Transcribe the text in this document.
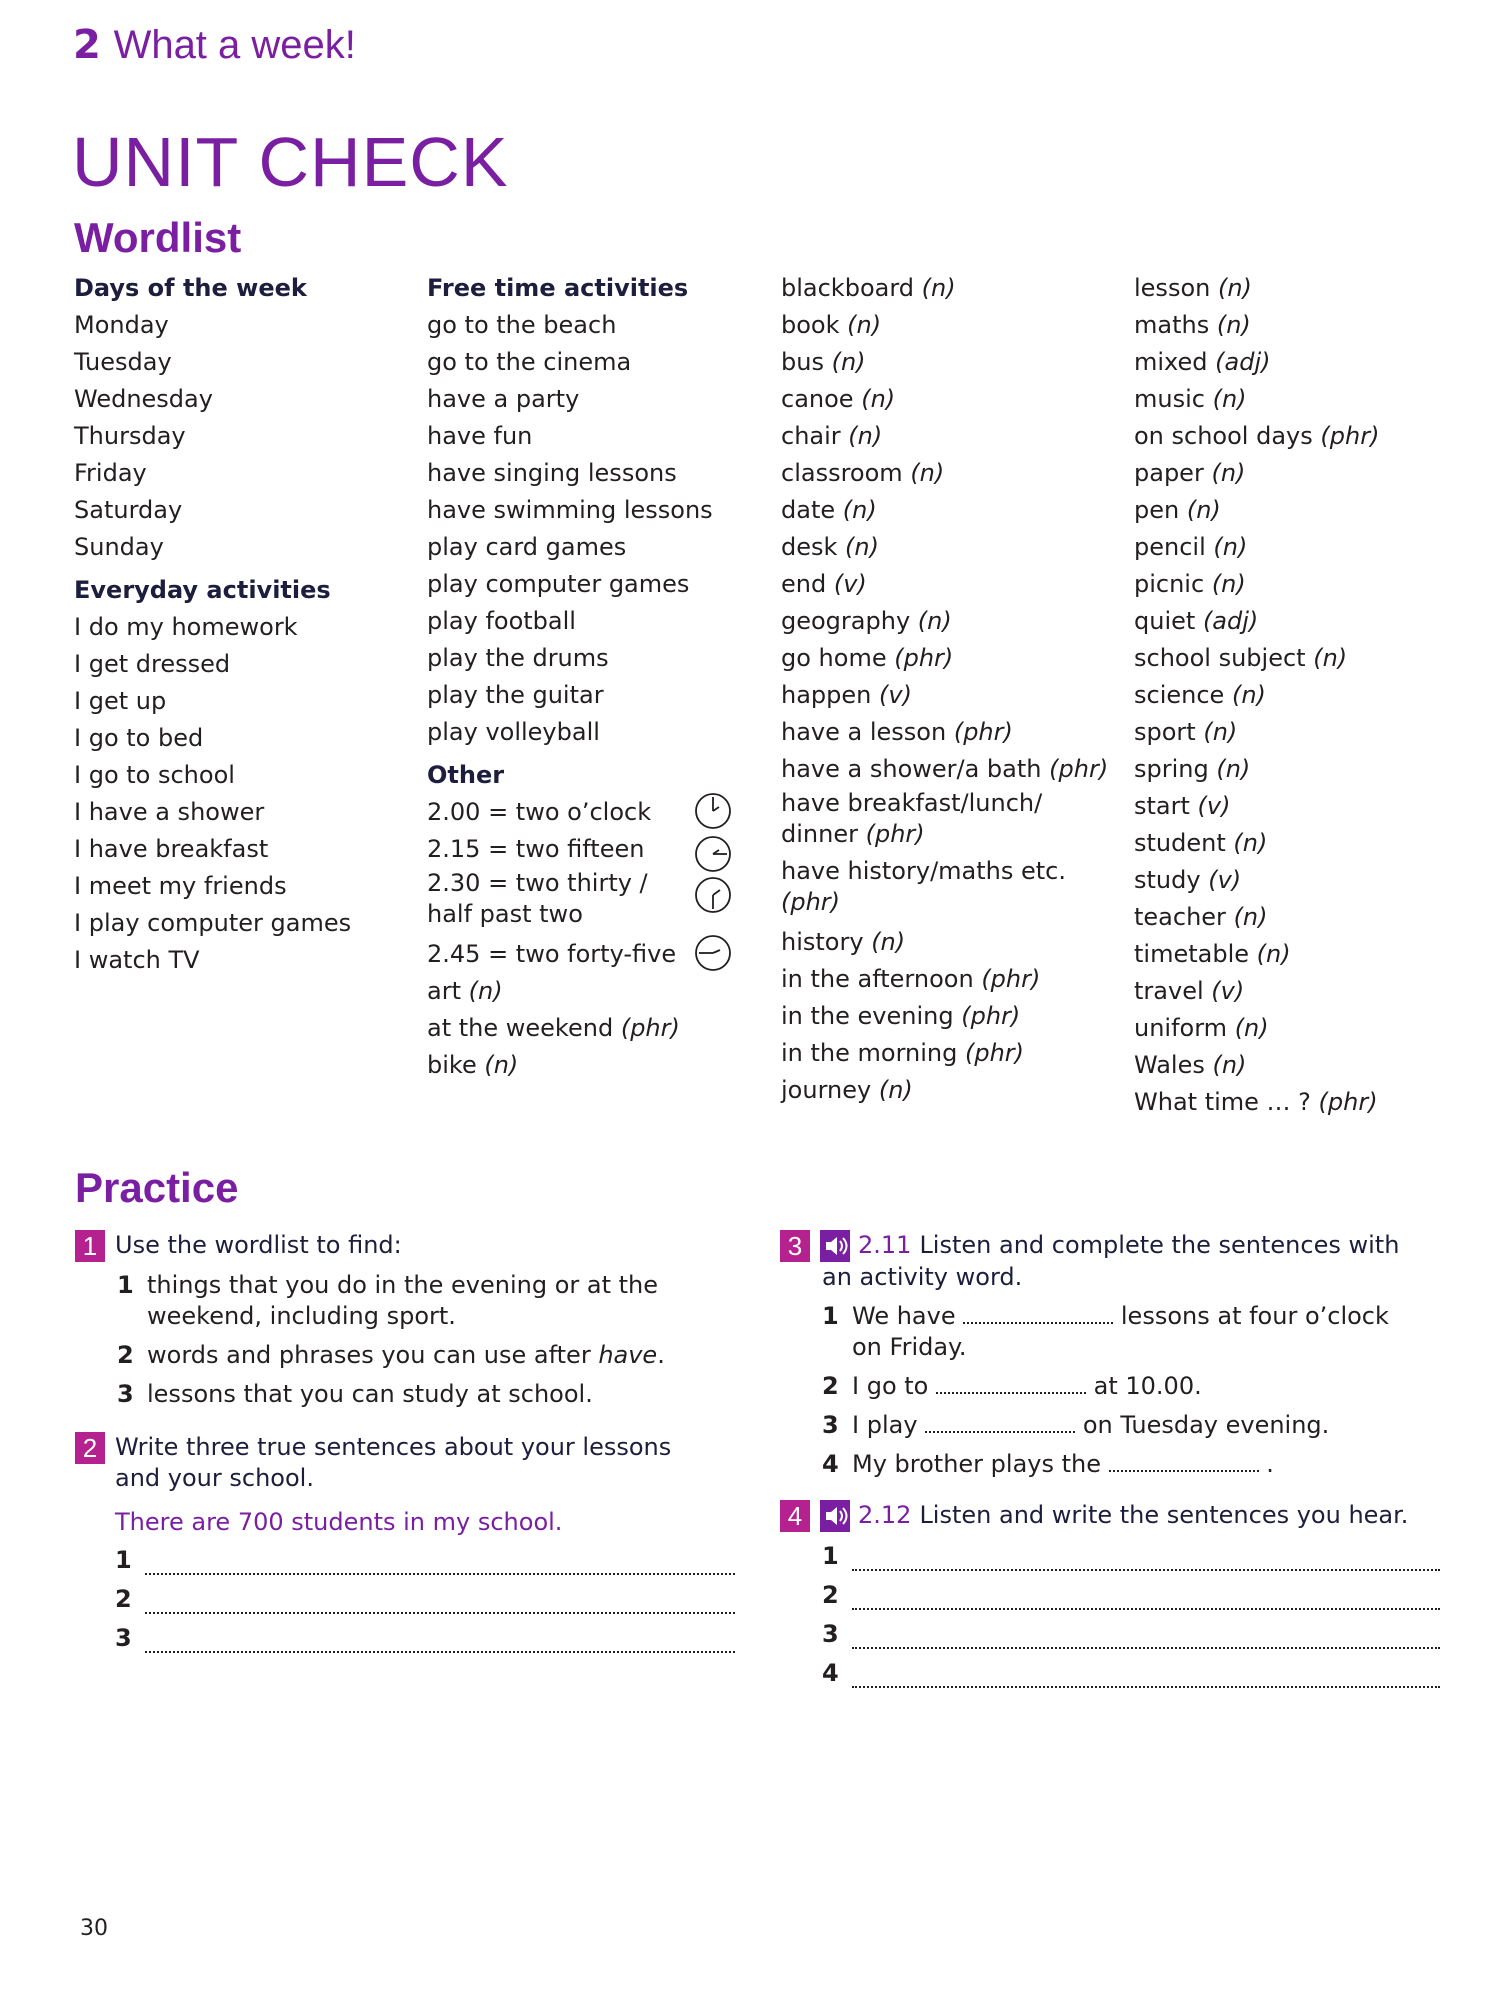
2 What a week!
UNIT CHECK
Wordlist
Days of the week
Monday
Tuesday
Wednesday
Thursday
Friday
Saturday
Sunday
Everyday activities
I do my homework
I get dressed
I get up
I go to bed
I go to school
I have a shower
I have breakfast
I meet my friends
I play computer games
I watch TV
Free time activities
go to the beach
go to the cinema
have a party
have fun
have singing lessons
have swimming lessons
play card games
play computer games
play football
play the drums
play the guitar
play volleyball
Other
2.00 = two o’clock
2.15 = two fifteen
2.30 = two thirty /
half past two
2.45 = two forty-five
art (n)
at the weekend (phr)
bike (n)
blackboard (n)
book (n)
bus (n)
canoe (n)
chair (n)
classroom (n)
date (n)
desk (n)
end (v)
geography (n)
go home (phr)
happen (v)
have a lesson (phr)
have a shower/a bath (phr)
have breakfast/lunch/
dinner (phr)
have history/maths etc.
(phr)
history (n)
in the afternoon (phr)
in the evening (phr)
in the morning (phr)
journey (n)
lesson (n)
maths (n)
mixed (adj)
music (n)
on school days (phr)
paper (n)
pen (n)
pencil (n)
picnic (n)
quiet (adj)
school subject (n)
science (n)
sport (n)
spring (n)
start (v)
student (n)
study (v)
teacher (n)
timetable (n)
travel (v)
uniform (n)
Wales (n)
What time … ? (phr)
Practice
1 Use the wordlist to find:
1 things that you do in the evening or at the weekend, including sport.
2 words and phrases you can use after have.
3 lessons that you can study at school.
2 Write three true sentences about your lessons and your school.
There are 700 students in my school.
1
2
3
3	2.11 Listen and complete the sentences with
an activity word.
1 We have	lessons at four o’clock
on Friday.
2 I go to	at 10.00.
3 I play	on Tuesday evening.
4 My brother plays the	.
4	2.12 Listen and write the sentences you hear.
1
2
3
4
30
